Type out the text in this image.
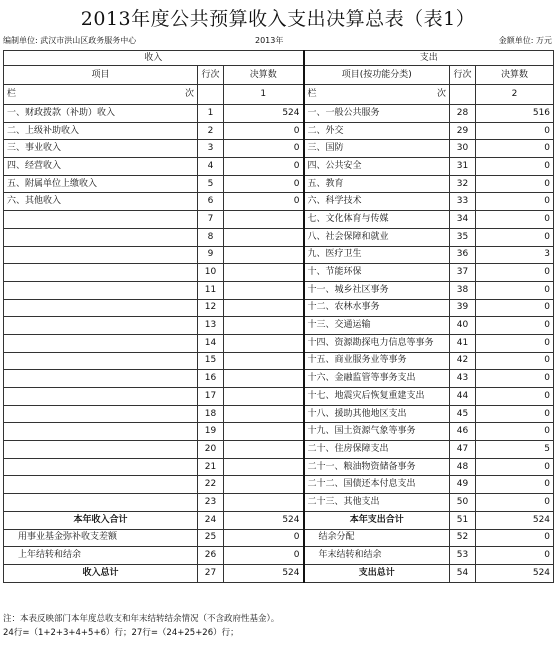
2013年度公共预算收入支出决算总表（表1）
编制单位: 武汉市洪山区政务服务中心	2013年	金额单位: 万元
收入			支出		
项目	行次	决算数	项目(按功能分类)	行次	决算数
栏 次		1	栏 次		2
一、财政拨款（补助）收入	1	524	一、一般公共服务	28	516
二、上级补助收入	2	0	二、外交	29	0
三、事业收入	3	0	三、国防	30	0
四、经营收入	4	0	四、公共安全	31	0
五、附属单位上缴收入	5	0	五、教育	32	0
六、其他收入	6	0	六、科学技术	33	0
	7		七、文化体育与传媒	34	0
	8		八、社会保障和就业	35	0
	9		九、医疗卫生	36	3
	10		十、节能环保	37	0
	11		十一、城乡社区事务	38	0
	12		十二、农林水事务	39	0
	13		十三、交通运输	40	0
	14		十四、资源勘探电力信息等事务	41	0
	15		十五、商业服务业等事务	42	0
	16		十六、金融监管等事务支出	43	0
	17		十七、地震灾后恢复重建支出	44	0
	18		十八、援助其他地区支出	45	0
	19		十九、国土资源气象等事务	46	0
	20		二十、住房保障支出	47	5
	21		二十一、粮油物资储备事务	48	0
	22		二十二、国债还本付息支出	49	0
	23		二十三、其他支出	50	0
本年收入合计	24	524	本年支出合计	51	524
用事业基金弥补收支差额	25	0	结余分配	52	0
上年结转和结余	26	0	年末结转和结余	53	0
收入总计	27	524	支出总计	54	524
注：本表反映部门本年度总收支和年末结转结余情况（不含政府性基金）。
24行=（1+2+3+4+5+6）行；27行=（24+25+26）行；
